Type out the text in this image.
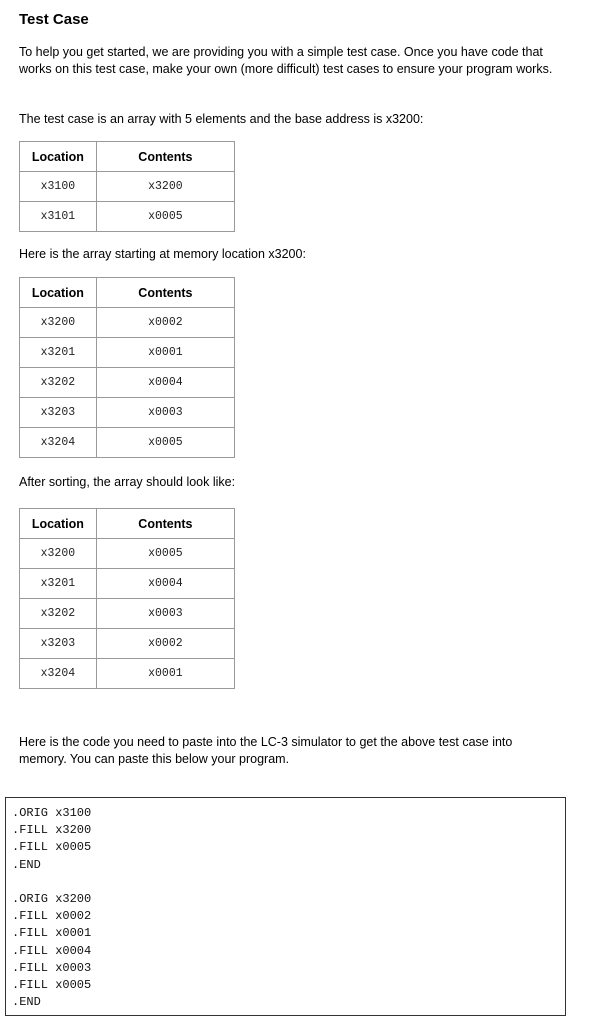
Test Case
To help you get started, we are providing you with a simple test case. Once you have code that works on this test case, make your own (more difficult) test cases to ensure your program works.
The test case is an array with 5 elements and the base address is x3200:
Location	Contents
x3100	x3200
x3101	x0005
Here is the array starting at memory location x3200:
Location	Contents
x3200	x0002
x3201	x0001
x3202	x0004
x3203	x0003
x3204	x0005
After sorting, the array should look like:
Location	Contents
x3200	x0005
x3201	x0004
x3202	x0003
x3203	x0002
x3204	x0001
Here is the code you need to paste into the LC-3 simulator to get the above test case into memory. You can paste this below your program.
.ORIG x3100
.FILL x3200
.FILL x0005
.END
.ORIG x3200
.FILL x0002
.FILL x0001
.FILL x0004
.FILL x0003
.FILL x0005
.END
